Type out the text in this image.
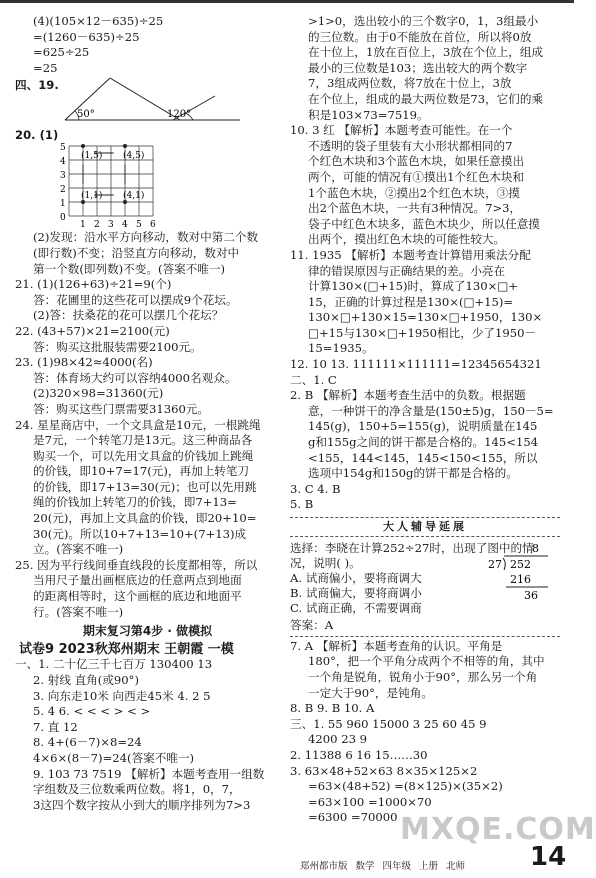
(4)(105×12－635)÷25
=(1260－635)÷25
=625÷25
=25
四、19.
50°	120°
20. (1)
5
4
3
2
1
0
1 2 3 4 5 6
(1,5) (4,5)
(1,1) (4,1)
(2)发现：沿水平方向移动，数对中第二个数
(即行数)不变；沿竖直方向移动，数对中
第一个数(即列数)不变。(答案不唯一)
21. (1)(126+63)÷21=9(个)
答：花圃里的这些花可以摆成9个花坛。
(2)答：扶桑花的花可以摆几个花坛？
22. (43+57)×21=2100(元)
答：购买这批服装需要2100元。
23. (1)98×42≈4000(名)
答：体育场大约可以容纳4000名观众。
(2)320×98=31360(元)
答：购买这些门票需要31360元。
24. 星星商店中，一个文具盒是10元，一根跳绳
是7元，一个转笔刀是13元。这三种商品各
购买一个，可以先用文具盒的价钱加上跳绳
的价钱，即10+7=17(元)，再加上转笔刀
的价钱，即17+13=30(元)；也可以先用跳
绳的价钱加上转笔刀的价钱，即7+13=
20(元)，再加上文具盒的价钱，即20+10=
30(元)。所以10+7+13=10+(7+13)成
立。(答案不唯一)
25. 因为平行线间垂直线段的长度都相等，所以
当用尺子量出画框底边的任意两点到地面
的距离相等时，这个画框的底边和地面平
行。(答案不唯一)
期末复习第4步 · 做模拟
试卷9 2023秋郑州期末 王朝霞 一模
一、1. 二十亿三千七百万 130400 13
2. 射线 直角(或90°)
3. 向东走10米 向西走45米 4. 2 5
5. 4 6. < < < > < >
7. 直 12
8. 4+(6－7)×8=24
4×6×(8－7)=24(答案不唯一)
9. 103 73 7519 【解析】本题考查用一组数
字组数及三位数乘两位数。将1，0，7，
3这四个数字按从小到大的顺序排列为7>3
>1>0，选出较小的三个数字0，1，3组最小
的三位数。由于0不能放在首位，所以将0放
在十位上，1放在百位上，3放在个位上，组成
最小的三位数是103；选出较大的两个数字
7，3组成两位数，将7放在十位上，3放
在个位上，组成的最大两位数是73，它们的乘
积是103×73=7519。
10. 3 红 【解析】本题考查可能性。在一个
不透明的袋子里装有大小形状都相同的7
个红色木块和3个蓝色木块，如果任意摸出
两个，可能的情况有①摸出1个红色木块和
1个蓝色木块，②摸出2个红色木块，③摸
出2个蓝色木块，一共有3种情况。7>3，
袋子中红色木块多，蓝色木块少，所以任意摸
出两个，摸出红色木块的可能性较大。
11. 1935 【解析】本题考查计算错用乘法分配
律的错误原因与正确结果的差。小亮在
计算130×(□+15)时，算成了130×□+
15，正确的计算过程是130×(□+15)=
130×□+130×15=130×□+1950，130×
□+15与130×□+1950相比，少了1950－
15=1935。
12. 10 13. 111111×111111=12345654321
二、1. C
2. B 【解析】本题考查生活中的负数。根据题
意，一种饼干的净含量是(150±5)g，150－5=
145(g)，150+5=155(g)，说明质量在145
g和155g之间的饼干都是合格的。145<154
<155，144<145，145<150<155，所以
选项中154g和150g的饼干都是合格的。
3. C 4. B
5. B
大人辅导延展
选择：李晓在计算252÷27时，出现了图中的情
况，说明( )。
A. 试商偏小，要将商调大
B. 试商偏大，要将商调小
C. 试商正确，不需要调商
8
27 252
216
36
答案：A
7. A 【解析】本题考查角的认识。平角是
180°，把一个平角分成两个不相等的角，其中
一个角是锐角，锐角小于90°，那么另一个角
一定大于90°，是钝角。
8. B 9. B 10. A
三、1. 55 960 15000 3 25 60 45 9
4200 23 9
2. 11388 6 16 15……30
3. 63×48+52×63 8×35×125×2
=63×(48+52) =(8×125)×(35×2)
=63×100 =1000×70
=6300 =70000 MXQE.COM
郑州都市版 数学 四年级 上册 北师 14
